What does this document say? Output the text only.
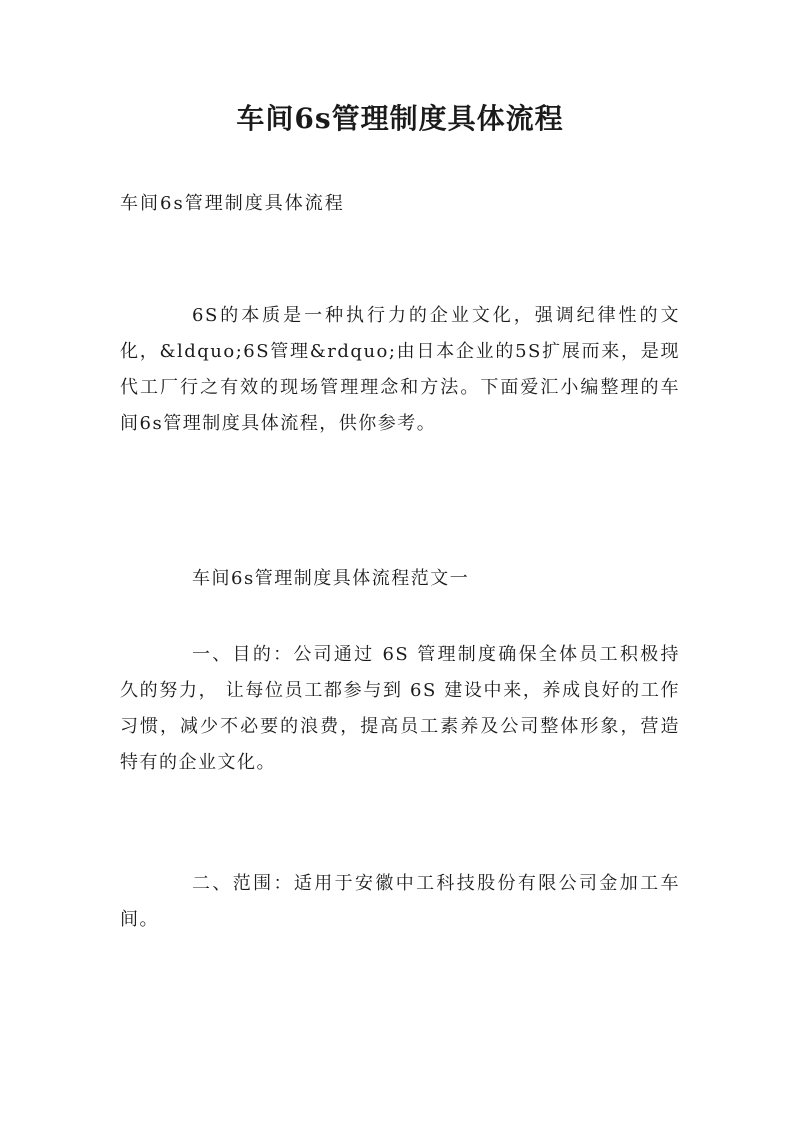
车间6s管理制度具体流程

车间6s管理制度具体流程

6S的本质是一种执行力的企业文化，强调纪律性的文化，&ldquo;6S管理&rdquo;由日本企业的5S扩展而来，是现代工厂行之有效的现场管理理念和方法。下面爱汇小编整理的车间6s管理制度具体流程，供你参考。

车间6s管理制度具体流程范文一

一、目的：公司通过 6S 管理制度确保全体员工积极持久的努力， 让每位员工都参与到 6S 建设中来，养成良好的工作习惯，减少不必要的浪费，提高员工素养及公司整体形象，营造特有的企业文化。

二、范围：适用于安徽中工科技股份有限公司金加工车间。
